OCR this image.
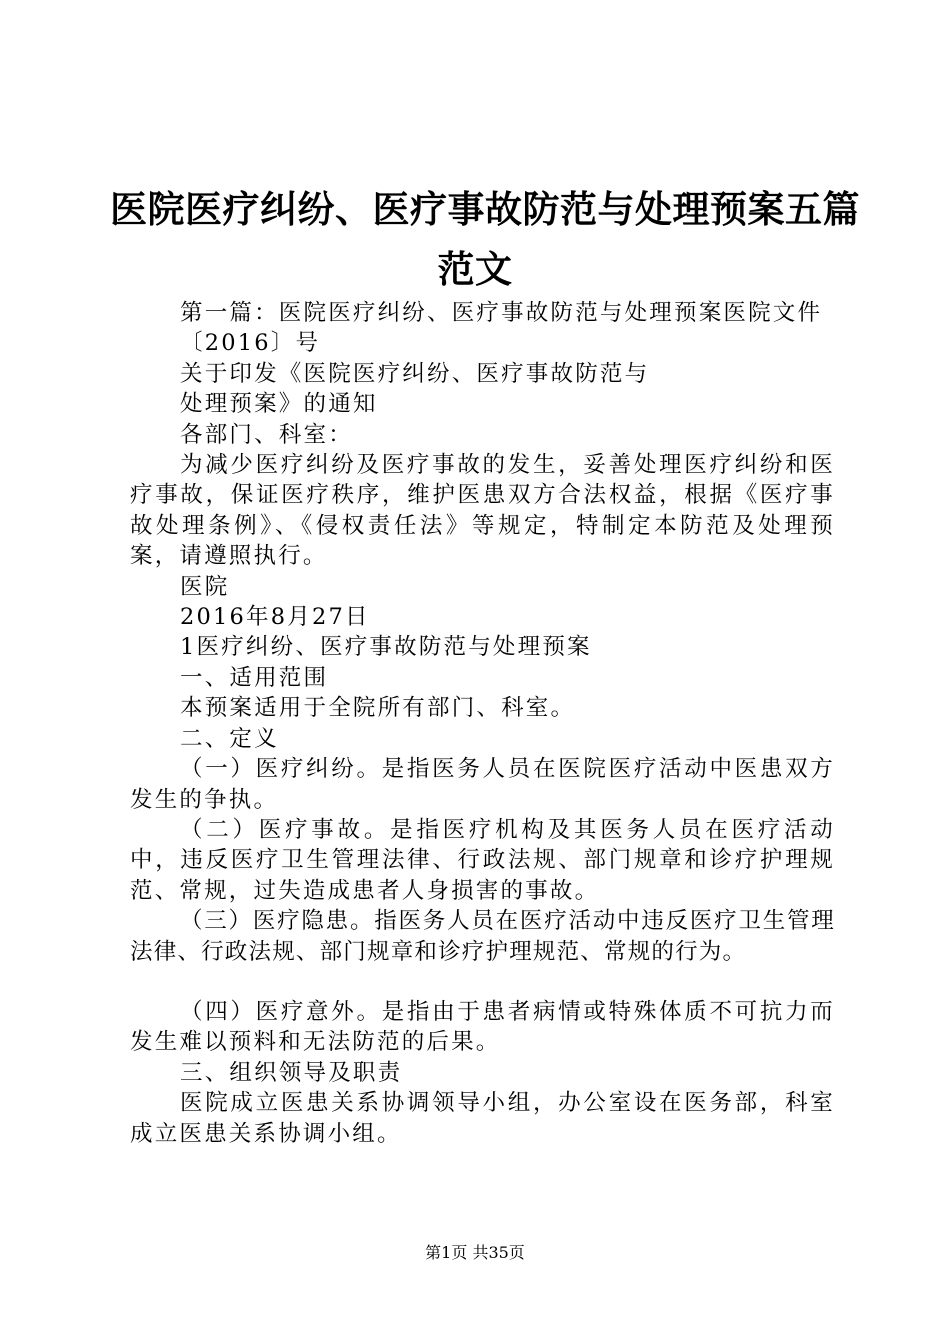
医院医疗纠纷、医疗事故防范与处理预案五篇
范文

第一篇：医院医疗纠纷、医疗事故防范与处理预案医院文件

〔2016〕号

关于印发《医院医疗纠纷、医疗事故防范与

处理预案》的通知

各部门、科室：

为减少医疗纠纷及医疗事故的发生，妥善处理医疗纠纷和医疗事故，保证医疗秩序，维护医患双方合法权益，根据《医疗事故处理条例》、《侵权责任法》等规定，特制定本防范及处理预案，请遵照执行。

医院

2016年8月27日

1医疗纠纷、医疗事故防范与处理预案

一、适用范围

本预案适用于全院所有部门、科室。

二、定义

（一）医疗纠纷。是指医务人员在医院医疗活动中医患双方发生的争执。

（二）医疗事故。是指医疗机构及其医务人员在医疗活动中，违反医疗卫生管理法律、行政法规、部门规章和诊疗护理规范、常规，过失造成患者人身损害的事故。

（三）医疗隐患。指医务人员在医疗活动中违反医疗卫生管理法律、行政法规、部门规章和诊疗护理规范、常规的行为。

（四）医疗意外。是指由于患者病情或特殊体质不可抗力而发生难以预料和无法防范的后果。

三、组织领导及职责

医院成立医患关系协调领导小组，办公室设在医务部，科室成立医患关系协调小组。

第1页 共35页
